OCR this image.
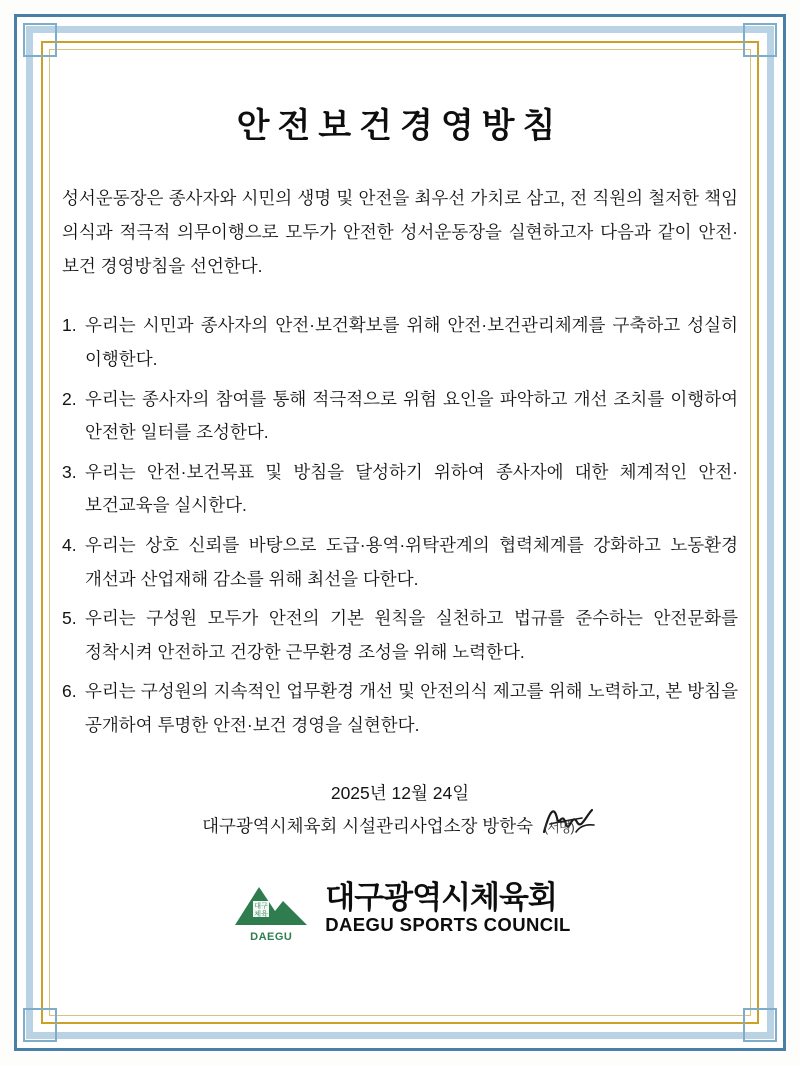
안전보건경영방침

성서운동장은 종사자와 시민의 생명 및 안전을 최우선 가치로 삼고, 전 직원의 철저한 책임 의식과 적극적 의무이행으로 모두가 안전한 성서운동장을 실현하고자 다음과 같이 안전·보건 경영방침을 선언한다.

1. 우리는 시민과 종사자의 안전·보건확보를 위해 안전·보건관리체계를 구축하고 성실히 이행한다.
2. 우리는 종사자의 참여를 통해 적극적으로 위험 요인을 파악하고 개선 조치를 이행하여 안전한 일터를 조성한다.
3. 우리는 안전·보건목표 및 방침을 달성하기 위하여 종사자에 대한 체계적인 안전·보건교육을 실시한다.
4. 우리는 상호 신뢰를 바탕으로 도급·용역·위탁관계의 협력체계를 강화하고 노동환경 개선과 산업재해 감소를 위해 최선을 다한다.
5. 우리는 구성원 모두가 안전의 기본 원칙을 실천하고 법규를 준수하는 안전문화를 정착시켜 안전하고 건강한 근무환경 조성을 위해 노력한다.
6. 우리는 구성원의 지속적인 업무환경 개선 및 안전의식 제고를 위해 노력하고, 본 방침을 공개하여 투명한 안전·보건 경영을 실현한다.
2025년 12월 24일
대구광역시체육회 시설관리사업소장 방한숙 (서명)
대구
체육
DAEGU
대구광역시체육회
DAEGU SPORTS COUNCIL
